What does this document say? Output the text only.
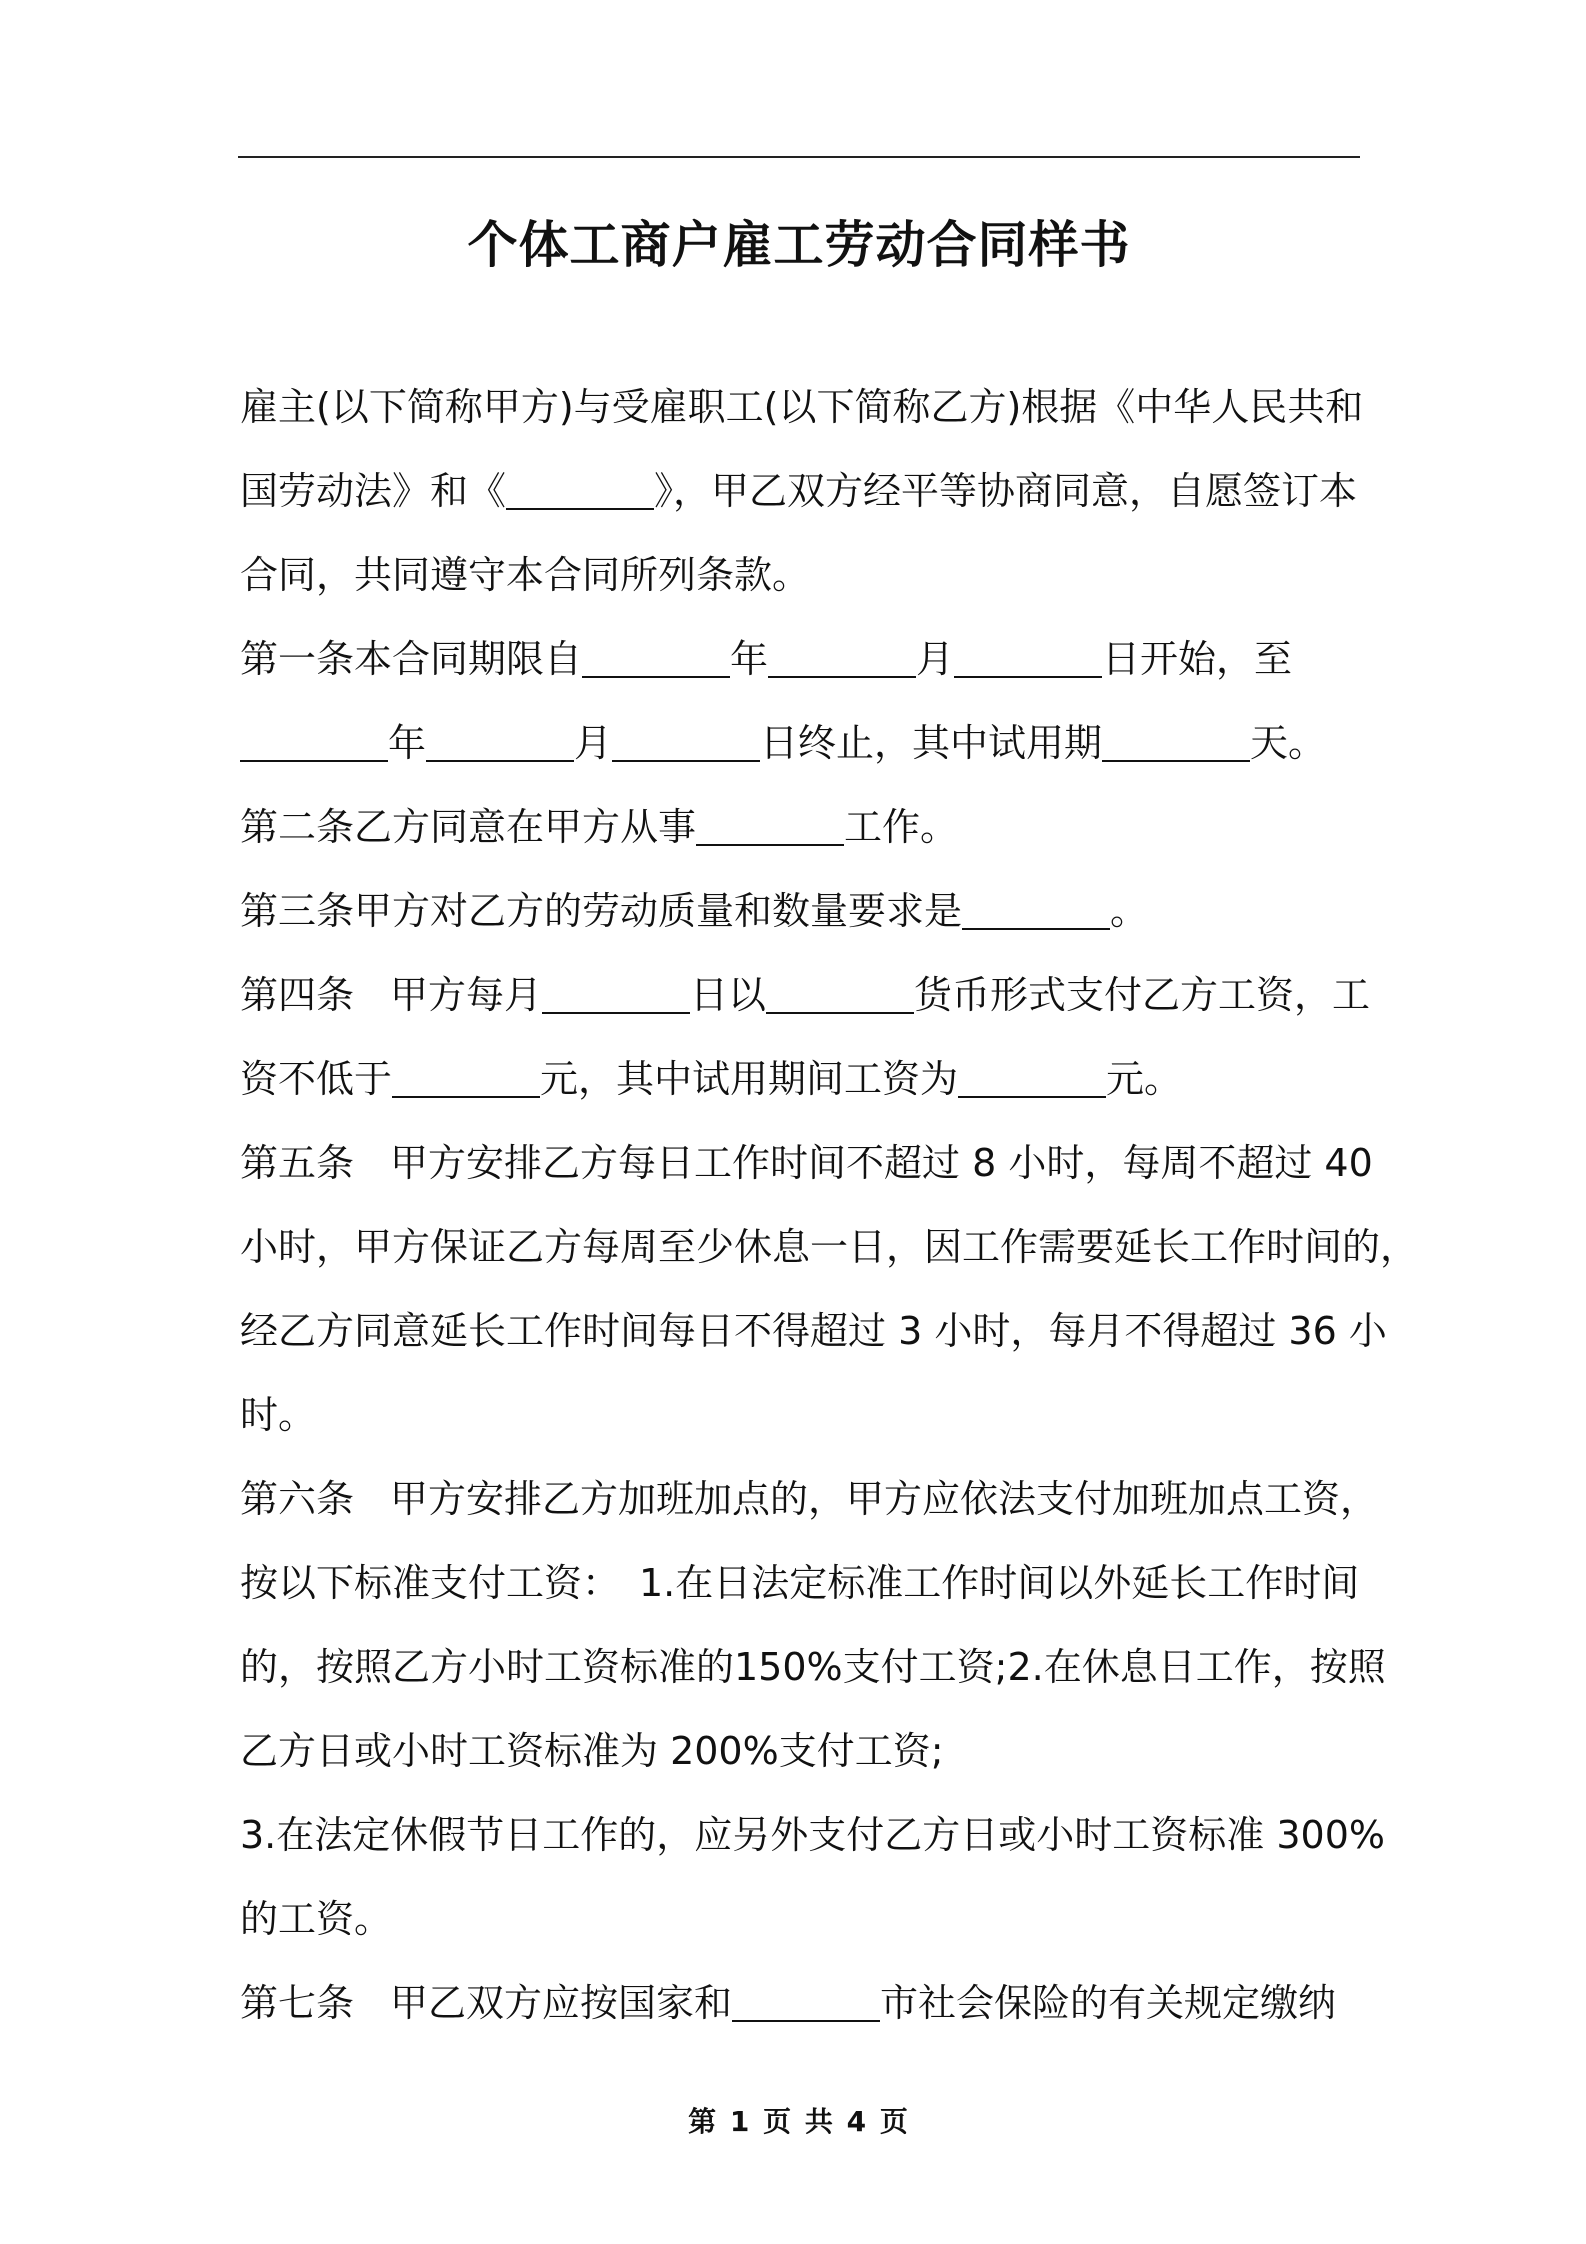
个体工商户雇工劳动合同样书
雇主(以下简称甲方)与受雇职工(以下简称乙方)根据《中华人民共和
国劳动法》和《	》，甲乙双方经平等协商同意，自愿签订本
合同，共同遵守本合同所列条款。
第一条本合同期限自	年	月	日开始，至
年	月	日终止，其中试用期	天。
第二条乙方同意在甲方从事	工作。
第三条甲方对乙方的劳动质量和数量要求是	。
第四条 甲方每月	日以	货币形式支付乙方工资，工
资不低于	元，其中试用期间工资为	元。
第五条 甲方安排乙方每日工作时间不超过 8 小时，每周不超过 40
小时，甲方保证乙方每周至少休息一日，因工作需要延长工作时间的，
经乙方同意延长工作时间每日不得超过 3 小时，每月不得超过 36 小
时。
第六条 甲方安排乙方加班加点的，甲方应依法支付加班加点工资，
按以下标准支付工资：　1.在日法定标准工作时间以外延长工作时间
的，按照乙方小时工资标准的150%支付工资;2.在休息日工作，按照
乙方日或小时工资标准为 200%支付工资;
3.在法定休假节日工作的，应另外支付乙方日或小时工资标准 300%
的工资。
第七条 甲乙双方应按国家和	市社会保险的有关规定缴纳
第 1 页 共 4 页
